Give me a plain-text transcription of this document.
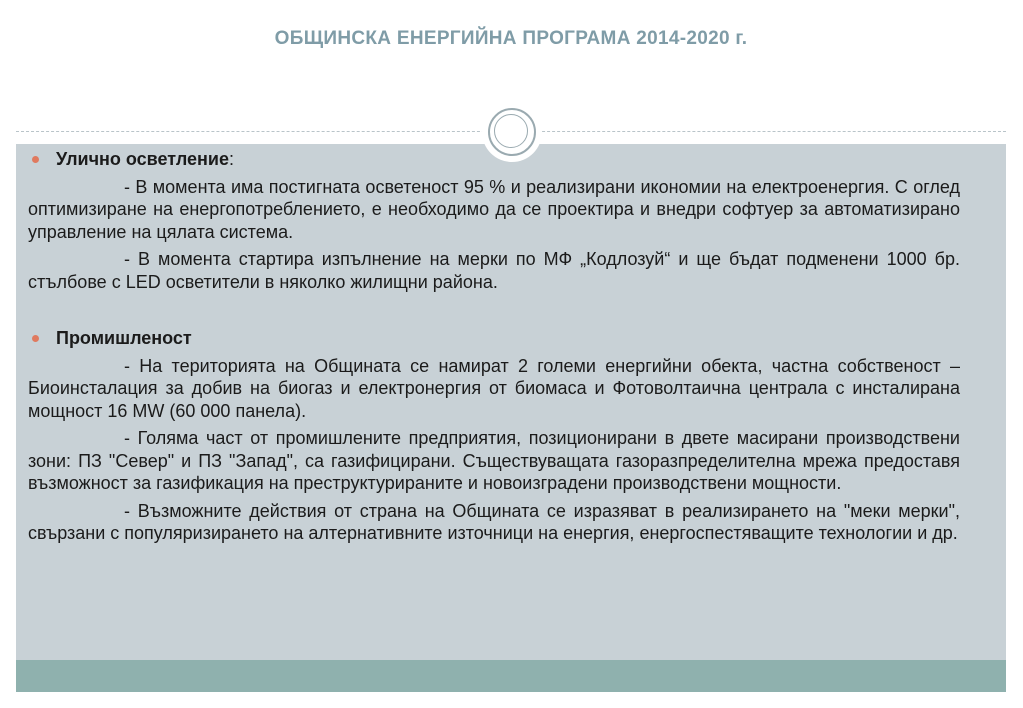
ОБЩИНСКА ЕНЕРГИЙНА ПРОГРАМА 2014-2020 г.

Улично осветление:

- В момента има постигната осветеност 95 % и реализирани икономии на електроенергия. С оглед оптимизиране на енергопотреблението, е необходимо да се проектира и внедри софтуер за автоматизирано управление на цялата система.

- В момента стартира изпълнение на мерки по МФ „Кодлозуй“ и ще бъдат подменени 1000 бр. стълбове с LED осветители в няколко жилищни района.

Промишленост

- На територията на Общината се намират 2 големи енергийни обекта, частна собственост – Биоинсталация за добив на биогаз и електронергия от биомаса и Фотоволтаична централа с инсталирана мощност 16 MW (60 000 панела).

- Голяма част от промишлените предприятия, позиционирани в двете масирани производствени зони: ПЗ "Север" и ПЗ "Запад", са газифицирани. Съществуващата газоразпределителна мрежа предоставя възможност за газификация на преструктурираните и новоизградени производствени мощности.

- Възможните действия от страна на Общината се изразяват в реализирането на "меки мерки", свързани с популяризирането на алтернативните източници на енергия, енергоспестяващите технологии и др.
